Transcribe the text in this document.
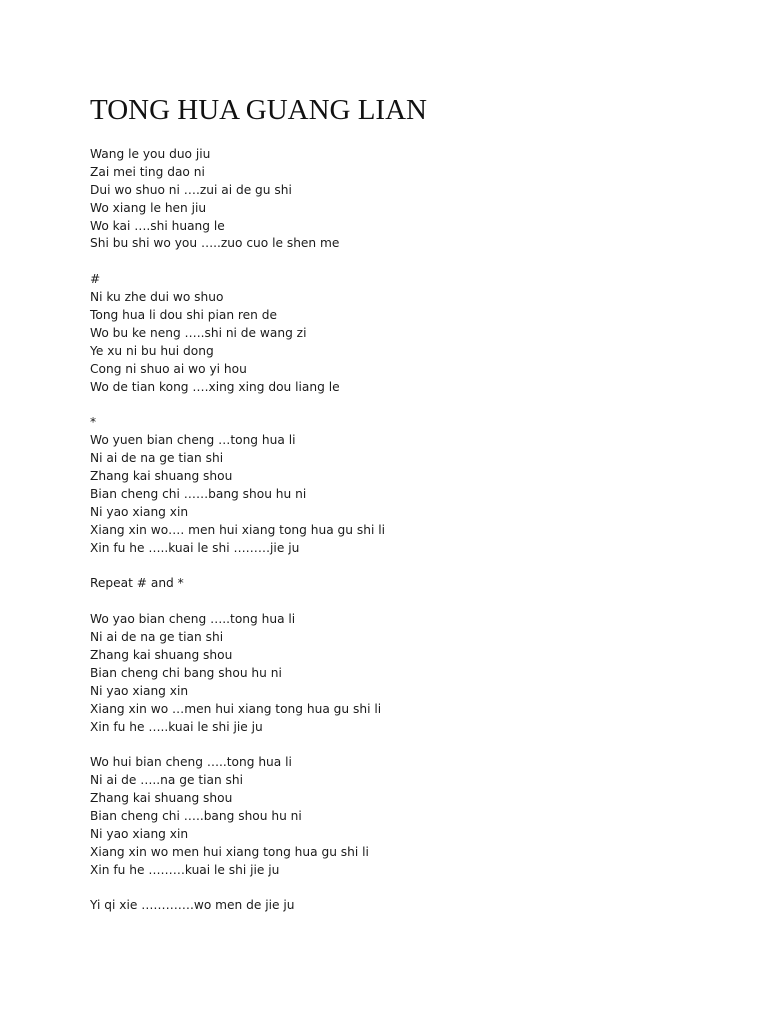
TONG HUA GUANG LIAN
Wang le you duo jiu
Zai mei ting dao ni
Dui wo shuo ni ….zui ai de gu shi
Wo xiang le hen jiu
Wo kai ….shi huang le
Shi bu shi wo you …..zuo cuo le shen me
#
Ni ku zhe dui wo shuo
Tong hua li dou shi pian ren de
Wo bu ke neng …..shi ni de wang zi
Ye xu ni bu hui dong
Cong ni shuo ai wo yi hou
Wo de tian kong ….xing xing dou liang le
*
Wo yuen bian cheng …tong hua li
Ni ai de na ge tian shi
Zhang kai shuang shou
Bian cheng chi ……bang shou hu ni
Ni yao xiang xin
Xiang xin wo…. men hui xiang tong hua gu shi li
Xin fu he …..kuai le shi ………jie ju
Repeat # and *
Wo yao bian cheng …..tong hua li
Ni ai de na ge tian shi
Zhang kai shuang shou
Bian cheng chi bang shou hu ni
Ni yao xiang xin
Xiang xin wo …men hui xiang tong hua gu shi li
Xin fu he …..kuai le shi jie ju
Wo hui bian cheng …..tong hua li
Ni ai de …..na ge tian shi
Zhang kai shuang shou
Bian cheng chi …..bang shou hu ni
Ni yao xiang xin
Xiang xin wo men hui xiang tong hua gu shi li
Xin fu he ………kuai le shi jie ju
Yi qi xie ………….wo men de jie ju
